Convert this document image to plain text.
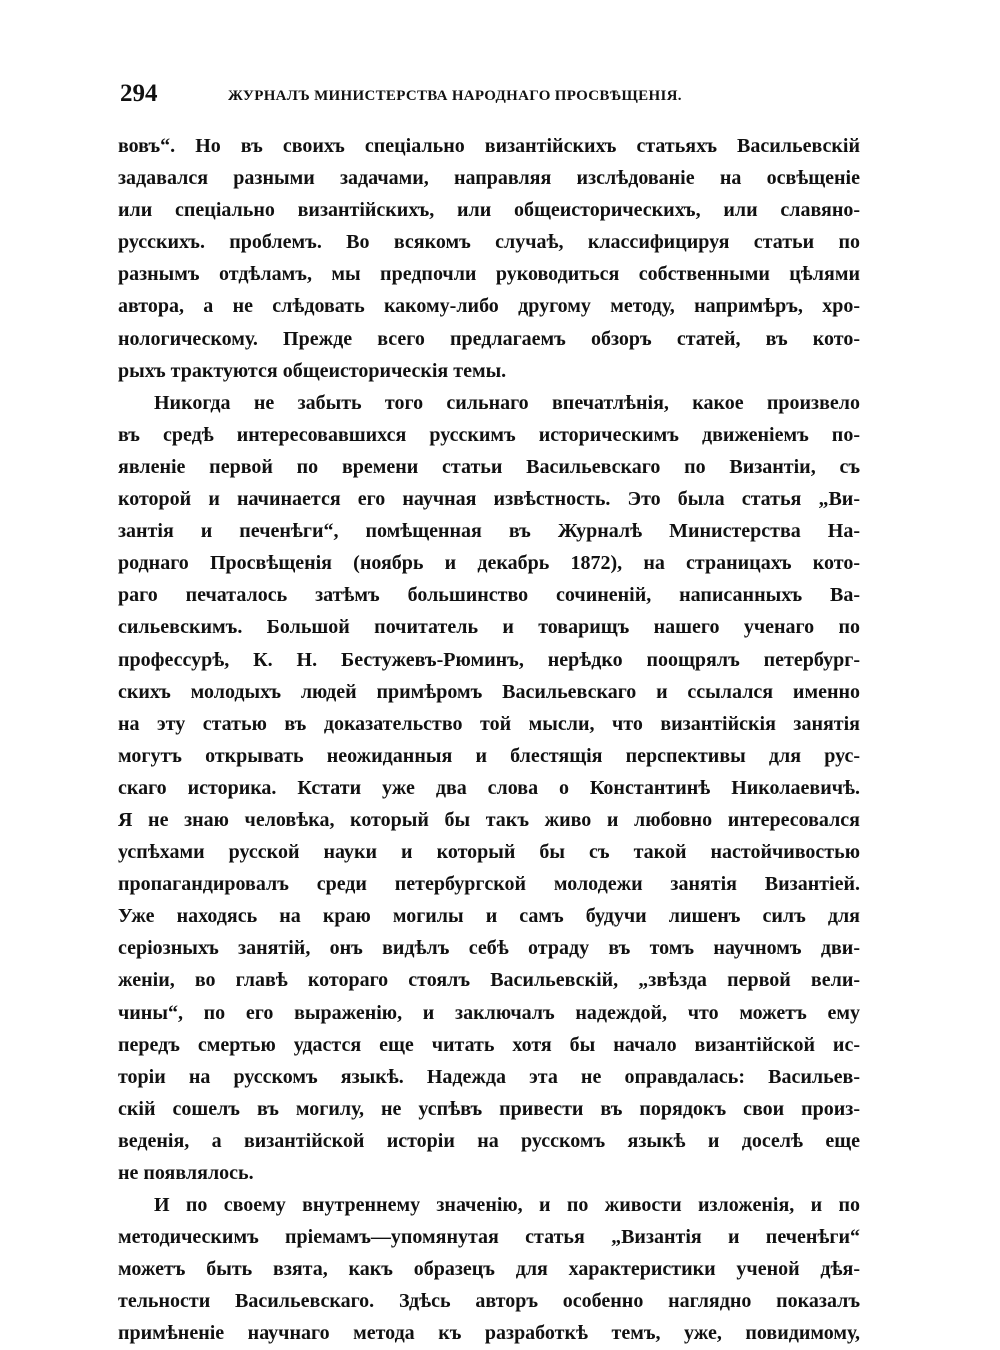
294	ЖУРНАЛЪ МИНИСТЕРСТВА НАРОДНАГО ПРОСВѢЩЕНІЯ.
вовъ“. Но въ своихъ спеціально византійскихъ статьяхъ Васильевскій
задавался разными задачами, направляя изслѣдованіе на освѣщеніе
или спеціально византійскихъ, или общеисторическихъ, или славяно-
русскихъ. проблемъ. Во всякомъ случаѣ, классифицируя статьи по
разнымъ отдѣламъ, мы предпочли руководиться собственными цѣлями
автора, а не слѣдовать какому-либо другому методу, напримѣръ, хро-
нологическому. Прежде всего предлагаемъ обзоръ статей, въ кото-
рыхъ трактуются общеисторическія темы.
Никогда не забыть того сильнаго впечатлѣнія, какое произвело
въ средѣ интересовавшихся русскимъ историческимъ движеніемъ по-
явленіе первой по времени статьи Васильевскаго по Византіи, съ
которой и начинается его научная извѣстность. Это была статья „Ви-
зантія и печенѣги“, помѣщенная въ Журналѣ Министерства На-
роднаго Просвѣщенія (ноябрь и декабрь 1872), на страницахъ кото-
раго печаталось затѣмъ большинство сочиненій, написанныхъ Ва-
сильевскимъ. Большой почитатель и товарищъ нашего ученаго по
профессурѣ, К. Н. Бестужевъ-Рюминъ, нерѣдко поощрялъ петербург-
скихъ молодыхъ людей примѣромъ Васильевскаго и ссылался именно
на эту статью въ доказательство той мысли, что византійскія занятія
могутъ открывать неожиданныя и блестящія перспективы для рус-
скаго историка. Кстати уже два слова о Константинѣ Николаевичѣ.
Я не знаю человѣка, который бы такъ живо и любовно интересовался
успѣхами русской науки и который бы съ такой настойчивостью
пропагандировалъ среди петербургской молодежи занятія Византіей.
Уже находясь на краю могилы и самъ будучи лишенъ силъ для
серіозныхъ занятій, онъ видѣлъ себѣ отраду въ томъ научномъ дви-
женіи, во главѣ котораго стоялъ Васильевскій, „звѣзда первой вели-
чины“, по его выраженію, и заключалъ надеждой, что можетъ ему
передъ смертью удастся еще читать хотя бы начало византійской ис-
торіи на русскомъ языкѣ. Надежда эта не оправдалась: Васильев-
скій сошелъ въ могилу, не успѣвъ привести въ порядокъ свои произ-
веденія, а византійской исторіи на русскомъ языкѣ и доселѣ еще
не появлялось.
И по своему внутреннему значенію, и по живости изложенія, и по
методическимъ пріемамъ—упомянутая статья „Византія и печенѣги“
можетъ быть взята, какъ образецъ для характеристики ученой дѣя-
тельности Васильевскаго. Здѣсь авторъ особенно наглядно показалъ
примѣненіе научнаго метода къ разработкѣ темъ, уже, повидимому,
